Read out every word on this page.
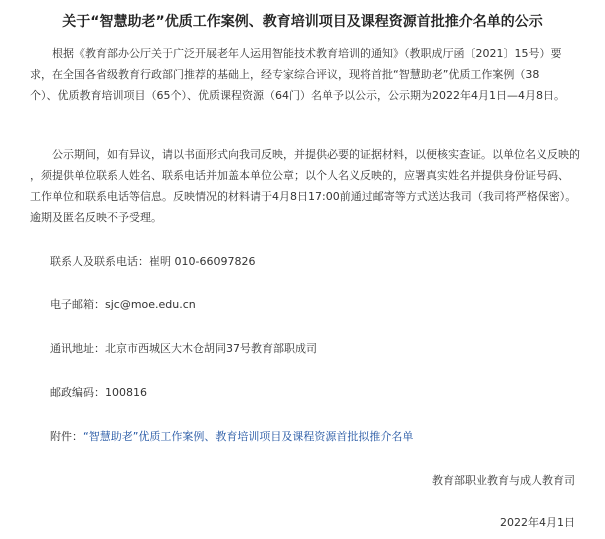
关于“智慧助老”优质工作案例、教育培训项目及课程资源首批推介名单的公示

根据《教育部办公厅关于广泛开展老年人运用智能技术教育培训的通知》（教职成厅函〔2021〕15号）要
求，在全国各省级教育行政部门推荐的基础上，经专家综合评议，现将首批“智慧助老”优质工作案例（38
个）、优质教育培训项目（65个）、优质课程资源（64门）名单予以公示，公示期为2022年4月1日—4月8日。

公示期间，如有异议，请以书面形式向我司反映，并提供必要的证据材料，以便核实查证。以单位名义反映的
，须提供单位联系人姓名、联系电话并加盖本单位公章；以个人名义反映的，应署真实姓名并提供身份证号码、
工作单位和联系电话等信息。反映情况的材料请于4月8日17:00前通过邮寄等方式送达我司（我司将严格保密）。
逾期及匿名反映不予受理。

联系人及联系电话：崔明 010-66097826
电子邮箱：sjc@moe.edu.cn
通讯地址：北京市西城区大木仓胡同37号教育部职成司
邮政编码：100816
附件：“智慧助老”优质工作案例、教育培训项目及课程资源首批拟推介名单
教育部职业教育与成人教育司
2022年4月1日
